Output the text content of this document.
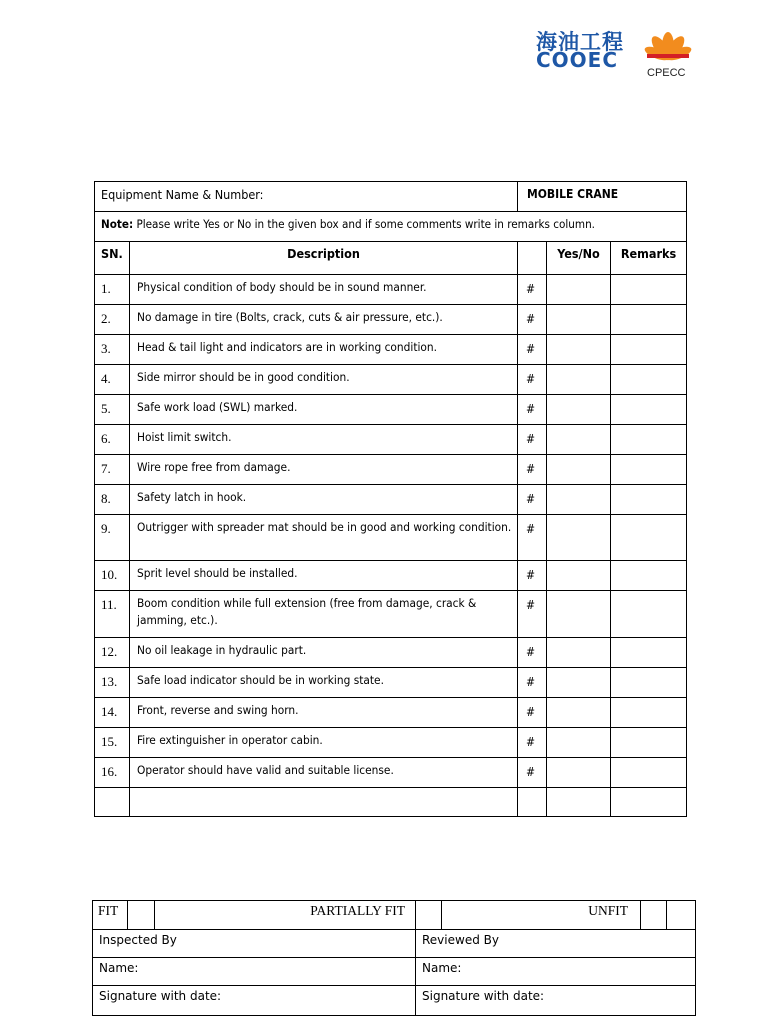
海油工程
COOEC
CPECC
Equipment Name & Number:		MOBILE CRANE		

Note: Please write Yes or No in the given box and if some comments write in remarks column.				

SN.	Description		Yes/No	Remarks
1.	Physical condition of body should be in sound manner.	#		
2.	No damage in tire (Bolts, crack, cuts & air pressure, etc.).	#		
3.	Head & tail light and indicators are in working condition.	#		
4.	Side mirror should be in good condition.	#		
5.	Safe work load (SWL) marked.	#		
6.	Hoist limit switch.	#		
7.	Wire rope free from damage.	#		
8.	Safety latch in hook.	#		
9.	Outrigger with spreader mat should be in good and working condition.	#		
10.	Sprit level should be installed.	#		
11.	Boom condition while full extension (free from damage, crack & jamming, etc.).	#		
12.	No oil leakage in hydraulic part.	#		
13.	Safe load indicator should be in working state.	#		
14.	Front, reverse and swing horn.	#		
15.	Fire extinguisher in operator cabin.	#		
16.	Operator should have valid and suitable license.	#		

FIT		PARTIALLY FIT		UNFIT		
Inspected By			Reviewed By			
Name:			Name:			
Signature with date:			Signature with date:			
